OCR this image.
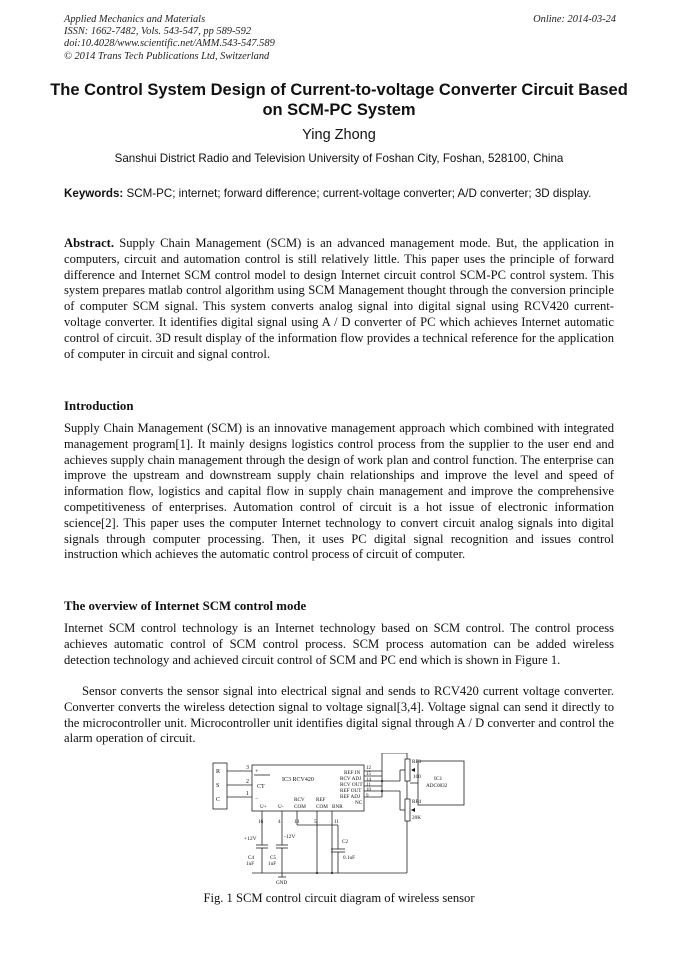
Applied Mechanics and Materials
ISSN: 1662-7482, Vols. 543-547, pp 589-592
doi:10.4028/www.scientific.net/AMM.543-547.589
© 2014 Trans Tech Publications Ltd, Switzerland
Online: 2014-03-24
The Control System Design of Current-to-voltage Converter Circuit Based on SCM-PC System
Ying Zhong
Sanshui District Radio and Television University of Foshan City, Foshan, 528100, China
Keywords: SCM-PC; internet; forward difference; current-voltage converter; A/D converter; 3D display.
Abstract. Supply Chain Management (SCM) is an advanced management mode. But, the application in computers, circuit and automation control is still relatively little. This paper uses the principle of forward difference and Internet SCM control model to design Internet circuit control SCM-PC control system. This system prepares matlab control algorithm using SCM Management thought through the conversion principle of computer SCM signal. This system converts analog signal into digital signal using RCV420 current- voltage converter. It identifies digital signal using A / D converter of PC which achieves Internet automatic control of circuit. 3D result display of the information flow provides a technical reference for the application of computer in circuit and signal control.
Introduction
Supply Chain Management (SCM) is an innovative management approach which combined with integrated management program[1]. It mainly designs logistics control process from the supplier to the user end and achieves supply chain management through the design of work plan and control function. The enterprise can improve the upstream and downstream supply chain relationships and improve the level and speed of information flow, logistics and capital flow in supply chain management and improve the comprehensive competitiveness of enterprises. Automation control of circuit is a hot issue of electronic information science[2]. This paper uses the computer Internet technology to convert circuit analog signals into digital signals through computer processing. Then, it uses PC digital signal recognition and issues control instruction which achieves the automatic control process of circuit of computer.
The overview of Internet SCM control mode
Internet SCM control technology is an Internet technology based on SCM control. The control process achieves automatic control of SCM control process. SCM process automation can be added wireless detection technology and achieved circuit control of SCM and PC end which is shown in Figure 1.
Sensor converts the sensor signal into electrical signal and sends to RCV420 current voltage converter. Converter converts the wireless detection signal to voltage signal[3,4]. Voltage signal can send it directly to the microcontroller unit. Microcontroller unit identifies digital signal through A / D converter and control the alarm operation of circuit.
R
S
C
3
2
1
+
CT
−
IC3 RCV420
REF IN
RCV ADJ
RCV OUT
REF OUT
REF ADJ
NC
U+ U-
RCV
COM
REF
COM BNR
12
15
14
11
10
9
16	4	13	5	11
RP3
100
RP4
20K
IC1
ADC0832
+12V	-12V
C4
1uF
C5
1uF
C2
0.1uF
GND
Fig. 1 SCM control circuit diagram of wireless sensor
